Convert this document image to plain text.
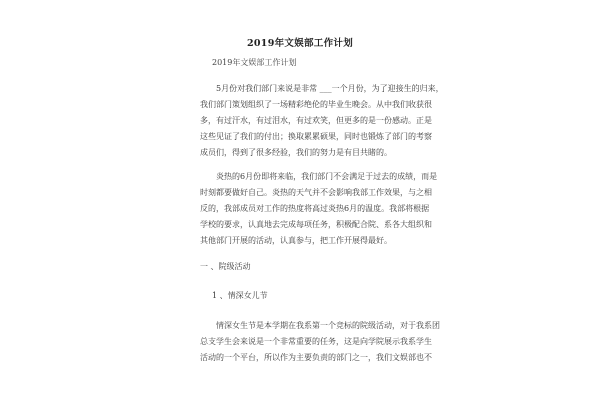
2019年文娱部工作计划

2019年文娱部工作计划

5月份对我们部门来说是非常 ___一个月份，为了迎接生的归来，
我们部门策划组织了一场精彩绝伦的毕业生晚会。从中我们收获很
多，有过汗水，有过泪水，有过欢笑，但更多的是一份感动。正是
这些见证了我们的付出；换取累累硕果，同时也锻炼了部门的考察
成员们，得到了很多经验，我们的努力是有目共睹的。
炎热的6月份即将来临，我们部门不会满足于过去的成绩，而是
时刻都要做好自己。炎热的天气并不会影响我部工作效果，与之相
反的，我部成员对工作的热度将高过炎热6月的温度。我部将根据
学校的要求，认真地去完成每项任务，积极配合院、系各大组织和
其他部门开展的活动，认真参与，把工作开展得最好。

一 、院级活动

1 、情深女儿节

情深女生节是本学期在我系第一个竞标的院级活动，对于我系团
总支学生会来说是一个非常重要的任务，这是向学院展示我系学生
活动的一个平台，所以作为主要负责的部门之一，我们文娱部也不
